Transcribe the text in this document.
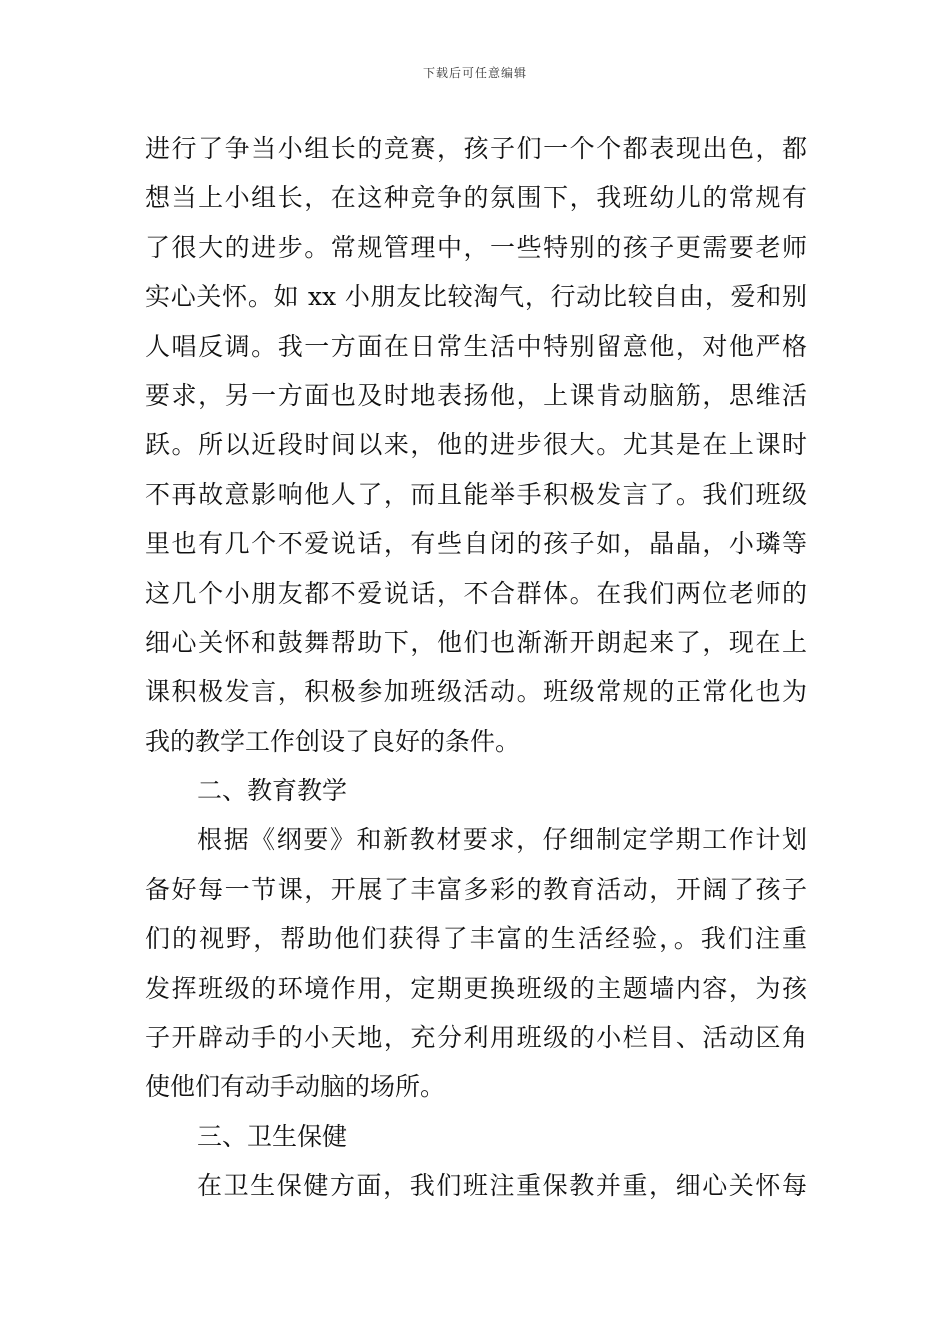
下载后可任意编辑
进行了争当小组长的竞赛，孩子们一个个都表现出色，都
想当上小组长，在这种竞争的氛围下，我班幼儿的常规有
了很大的进步。常规管理中，一些特别的孩子更需要老师
实心关怀。如 xx 小朋友比较淘气，行动比较自由，爱和别
人唱反调。我一方面在日常生活中特别留意他，对他严格
要求，另一方面也及时地表扬他，上课肯动脑筋，思维活
跃。所以近段时间以来，他的进步很大。尤其是在上课时
不再故意影响他人了，而且能举手积极发言了。我们班级
里也有几个不爱说话，有些自闭的孩子如，晶晶，小璘等
这几个小朋友都不爱说话，不合群体。在我们两位老师的
细心关怀和鼓舞帮助下，他们也渐渐开朗起来了，现在上
课积极发言，积极参加班级活动。班级常规的正常化也为
我的教学工作创设了良好的条件。
二、教育教学
根据《纲要》和新教材要求，仔细制定学期工作计划
备好每一节课，开展了丰富多彩的教育活动，开阔了孩子
们的视野，帮助他们获得了丰富的生活经验，。我们注重
发挥班级的环境作用，定期更换班级的主题墙内容，为孩
子开辟动手的小天地，充分利用班级的小栏目、活动区角
使他们有动手动脑的场所。
三、卫生保健
在卫生保健方面，我们班注重保教并重，细心关怀每
